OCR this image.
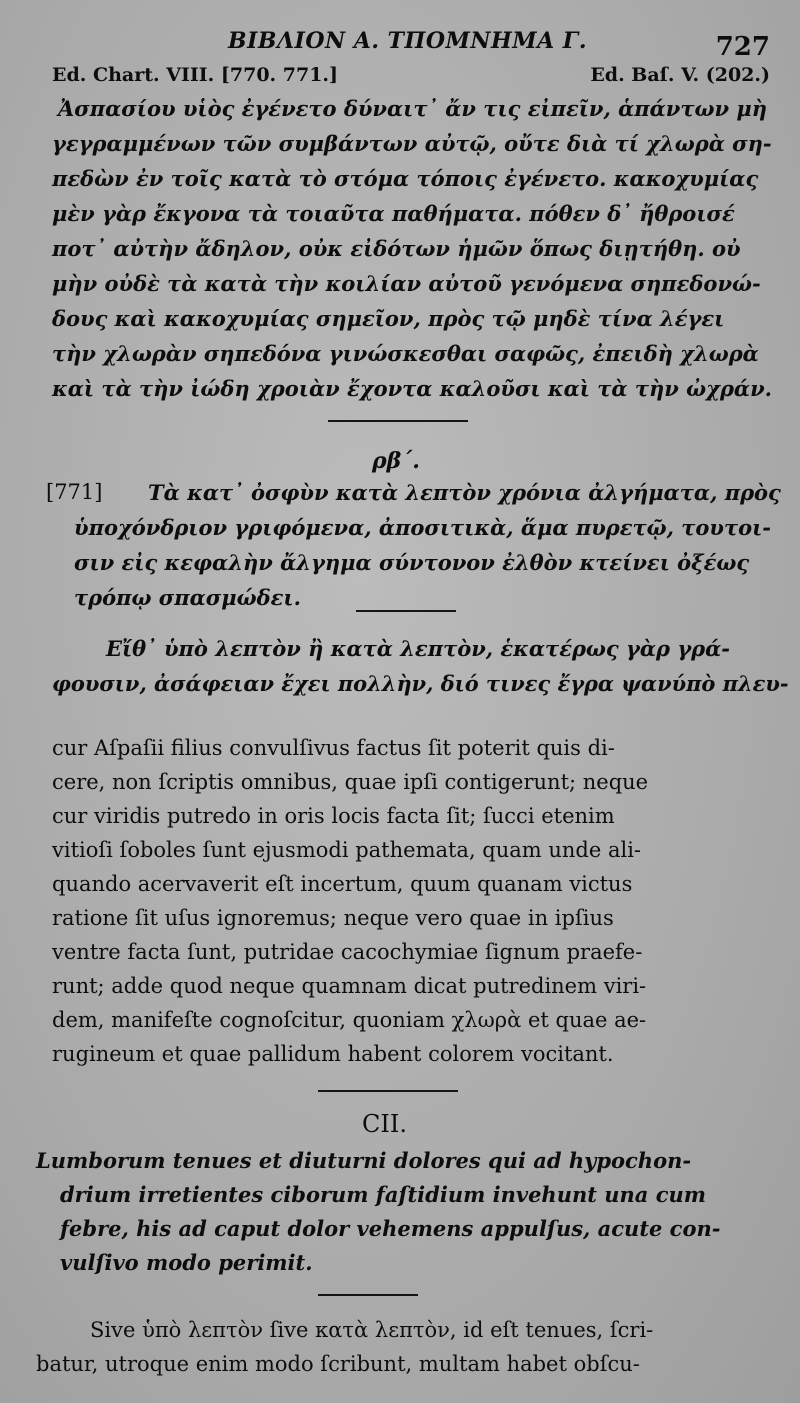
ΒΙΒΛΙΟΝ Α. ΤΠΟΜΝΗΜΑ Γ.	727
Ed. Chart. VIII. [770. 771.]	Ed. Baſ. V. (202.)
Ἀσπασίου υἱὸς ἐγένετο δύναιτ᾽ ἄν τις εἰπεῖν, ἁπάντων μὴ
γεγραμμένων τῶν συμβάντων αὐτῷ, οὔτε διὰ τί χλωρὰ ση-
πεδὼν ἐν τοῖς κατὰ τὸ στόμα τόποις ἐγένετο. κακοχυμίας
μὲν γὰρ ἔκγονα τὰ τοιαῦτα παθήματα. πόθεν δ᾽ ἤθροισέ
ποτ᾽ αὐτὴν ἄδηλον, οὐκ εἰδότων ἡμῶν ὅπως διῃτήθη. οὐ
μὴν οὐδὲ τὰ κατὰ τὴν κοιλίαν αὐτοῦ γενόμενα σηπεδονώ-
δους καὶ κακοχυμίας σημεῖον, πρὸς τῷ μηδὲ τίνα λέγει
τὴν χλωρὰν σηπεδόνα γινώσκεσθαι σαφῶς, ἐπειδὴ χλωρὰ
καὶ τὰ τὴν ἰώδη χροιὰν ἔχοντα καλοῦσι καὶ τὰ τὴν ὠχράν.
ρβ΄.
[771] Τὰ κατ᾽ ὀσφὺν κατὰ λεπτὸν χρόνια ἀλγήματα, πρὸς
ὑποχόνδριον γριφόμενα, ἀποσιτικὰ, ἅμα πυρετῷ, τουτοι-
σιν εἰς κεφαλὴν ἄλγημα σύντονον ἐλθὸν κτείνει ὀξέως
τρόπῳ σπασμώδει.
Εἴθ᾽ ὑπὸ λεπτὸν ἢ κατὰ λεπτὸν, ἑκατέρως γὰρ γρά-
φουσιν, ἀσάφειαν ἔχει πολλὴν, διό τινες ἔγρα ψανύπὸ πλευ-
cur Aſpaſii filius convulſivus factus ſit poterit quis di-
cere, non ſcriptis omnibus, quae ipſi contigerunt; neque
cur viridis putredo in oris locis facta ſit; ſucci etenim
vitioſi ſoboles ſunt ejusmodi pathemata, quam unde ali-
quando acervaverit eſt incertum, quum quanam victus
ratione ſit uſus ignoremus; neque vero quae in ipſius
ventre facta ſunt, putridae cacochymiae ſignum praefe-
runt; adde quod neque quamnam dicat putredinem viri-
dem, manifeſte cognoſcitur, quoniam χλωρὰ et quae ae-
rugineum et quae pallidum habent colorem vocitant.
CII.
Lumborum tenues et diuturni dolores qui ad hypochon-
drium irretientes ciborum faſtidium invehunt una cum
febre, his ad caput dolor vehemens appulſus, acute con-
vulſivo modo perimit.
Sive ὑπὸ λεπτὸν ſive κατὰ λεπτὸν, id eſt tenues, ſcri-
batur, utroque enim modo ſcribunt, multam habet obſcu-
